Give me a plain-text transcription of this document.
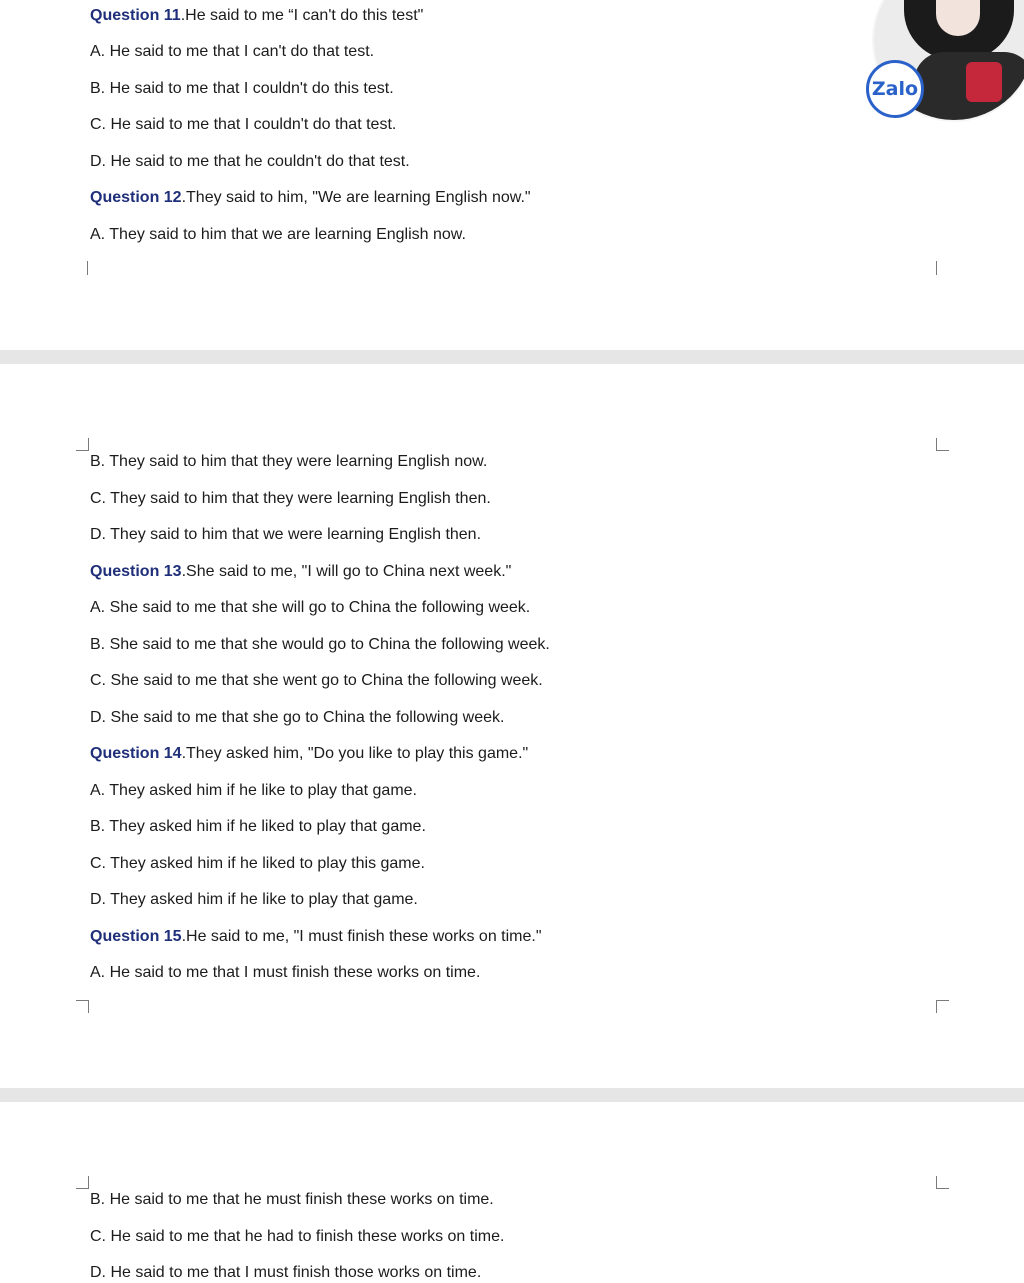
Question 11.He said to me “I can't do this test"
A. He said to me that I can't do that test.
B. He said to me that I couldn't do this test.
C. He said to me that I couldn't do that test.
D. He said to me that he couldn't do that test.
Question 12.They said to him, "We are learning English now."
A. They said to him that we are learning English now.
B. They said to him that they were learning English now.
C. They said to him that they were learning English then.
D. They said to him that we were learning English then.
Question 13.She said to me, "I will go to China next week."
A. She said to me that she will go to China the following week.
B. She said to me that she would go to China the following week.
C. She said to me that she went go to China the following week.
D. She said to me that she go to China the following week.
Question 14.They asked him, "Do you like to play this game."
A. They asked him if he like to play that game.
B. They asked him if he liked to play that game.
C. They asked him if he liked to play this game.
D. They asked him if he like to play that game.
Question 15.He said to me, "I must finish these works on time."
A. He said to me that I must finish these works on time.
B. He said to me that he must finish these works on time.
C. He said to me that he had to finish these works on time.
D. He said to me that I must finish those works on time.
Zalo
